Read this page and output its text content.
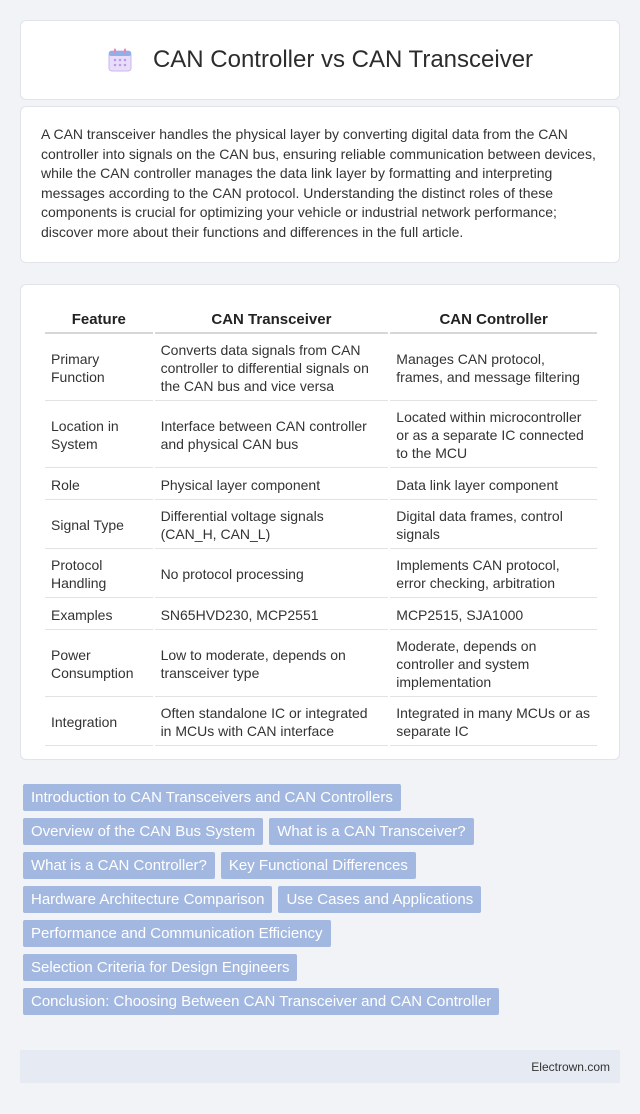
CAN Controller vs CAN Transceiver

A CAN transceiver handles the physical layer by converting digital data from the CAN controller into signals on the CAN bus, ensuring reliable communication between devices, while the CAN controller manages the data link layer by formatting and interpreting messages according to the CAN protocol. Understanding the distinct roles of these components is crucial for optimizing your vehicle or industrial network performance; discover more about their functions and differences in the full article.

Feature	CAN Transceiver	CAN Controller
Primary Function	Converts data signals from CAN controller to differential signals on the CAN bus and vice versa	Manages CAN protocol, frames, and message filtering
Location in System	Interface between CAN controller and physical CAN bus	Located within microcontroller or as a separate IC connected to the MCU
Role	Physical layer component	Data link layer component
Signal Type	Differential voltage signals (CAN_H, CAN_L)	Digital data frames, control signals
Protocol Handling	No protocol processing	Implements CAN protocol, error checking, arbitration
Examples	SN65HVD230, MCP2551	MCP2515, SJA1000
Power Consumption	Low to moderate, depends on transceiver type	Moderate, depends on controller and system implementation
Integration	Often standalone IC or integrated in MCUs with CAN interface	Integrated in many MCUs or as separate IC
Introduction to CAN Transceivers and CAN Controllers
Overview of the CAN Bus System What is a CAN Transceiver?
What is a CAN Controller? Key Functional Differences
Hardware Architecture Comparison Use Cases and Applications
Performance and Communication Efficiency
Selection Criteria for Design Engineers
Conclusion: Choosing Between CAN Transceiver and CAN Controller
Electrown.com
